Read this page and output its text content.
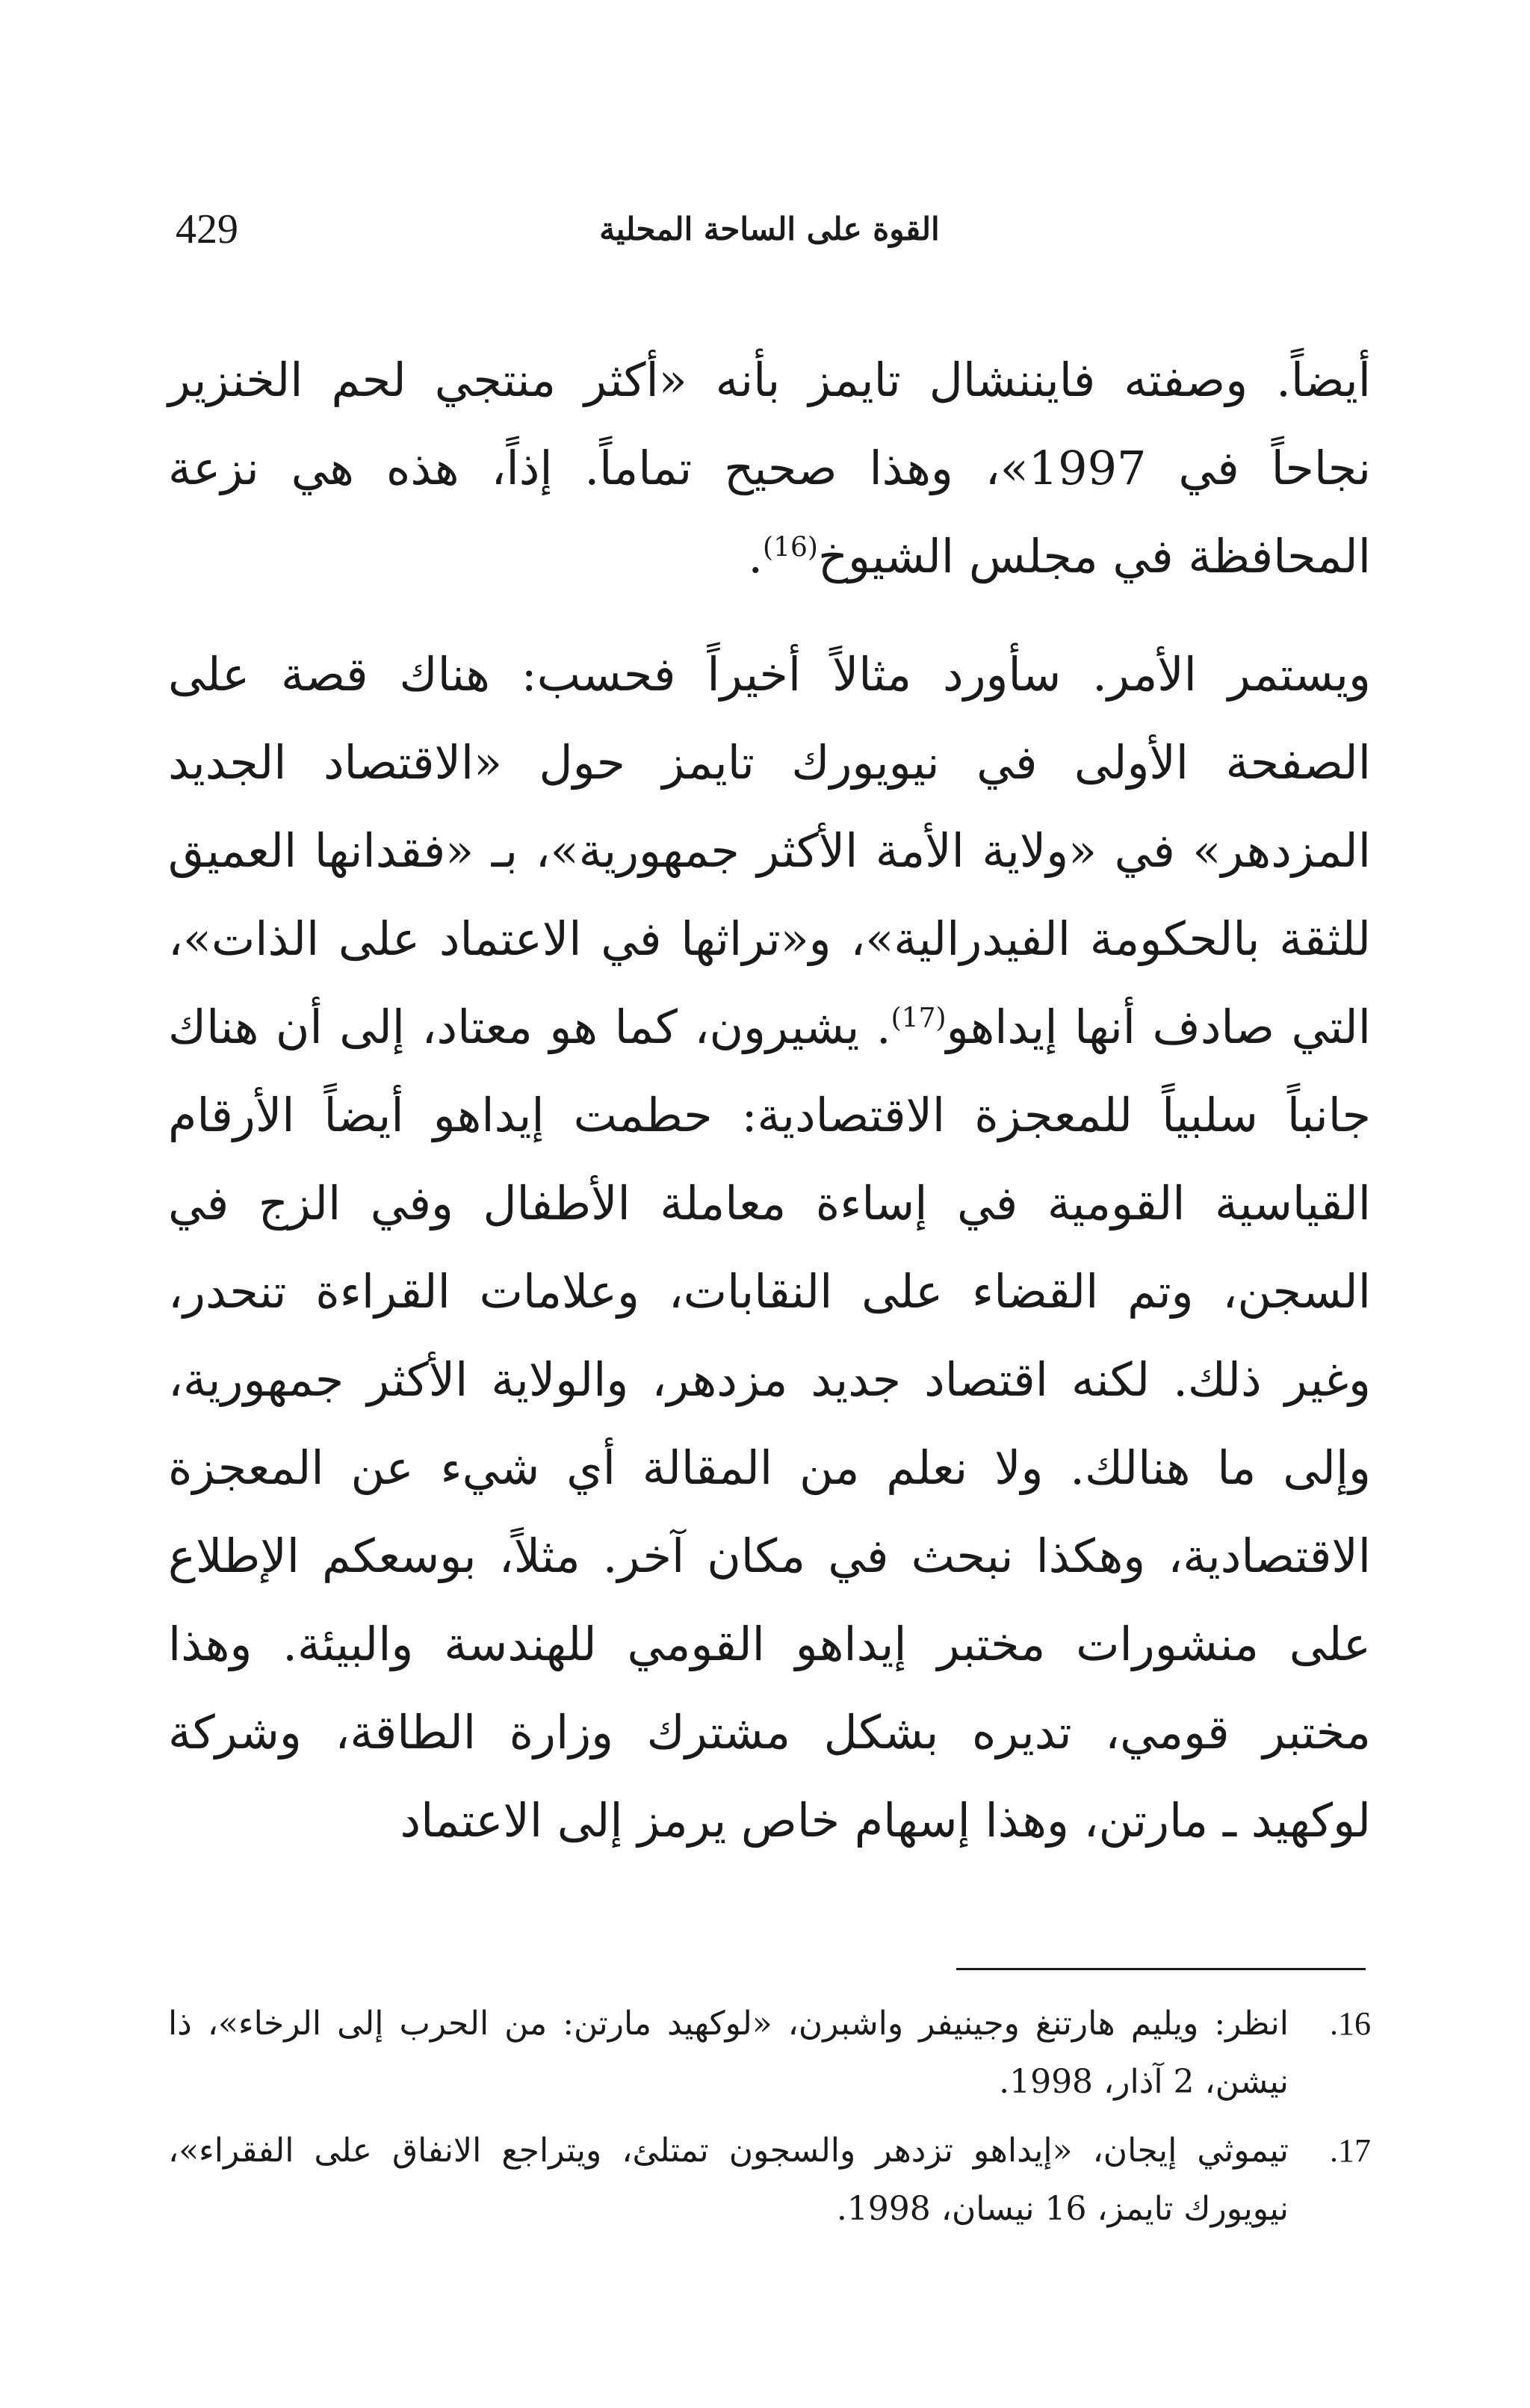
429	القوة على الساحة المحلية

أيضاً. وصفته فايننشال تايمز بأنه «أكثر منتجي لحم الخنزير نجاحاً في 1997»، وهذا صحيح تماماً. إذاً، هذه هي نزعة المحافظة في مجلس الشيوخ$^{(16)}$.

ويستمر الأمر. سأورد مثالاً أخيراً فحسب: هناك قصة على الصفحة الأولى في نيويورك تايمز حول «الاقتصاد الجديد المزدهر» في «ولاية الأمة الأكثر جمهورية»، بـ «فقدانها العميق للثقة بالحكومة الفيدرالية»، و«تراثها في الاعتماد على الذات»، التي صادف أنها إيداهو$^{(17)}$. يشيرون، كما هو معتاد، إلى أن هناك جانباً سلبياً للمعجزة الاقتصادية: حطمت إيداهو أيضاً الأرقام القياسية القومية في إساءة معاملة الأطفال وفي الزج في السجن، وتم القضاء على النقابات، وعلامات القراءة تنحدر، وغير ذلك. لكنه اقتصاد جديد مزدهر، والولاية الأكثر جمهورية، وإلى ما هنالك. ولا نعلم من المقالة أي شيء عن المعجزة الاقتصادية، وهكذا نبحث في مكان آخر. مثلاً، بوسعكم الإطلاع على منشورات مختبر إيداهو القومي للهندسة والبيئة. وهذا مختبر قومي، تديره بشكل مشترك وزارة الطاقة، وشركة لوكهيد ـ مارتن، وهذا إسهام خاص يرمز إلى الاعتماد

16.
انظر: ويليم هارتنغ وجينيفر واشبرن، «لوكهيد مارتن: من الحرب إلى الرخاء»، ذا نيشن، 2 آذار، 1998.
17.
تيموثي إيجان، «إيداهو تزدهر والسجون تمتلئ، ويتراجع الانفاق على الفقراء»، نيويورك تايمز، 16 نيسان، 1998.
